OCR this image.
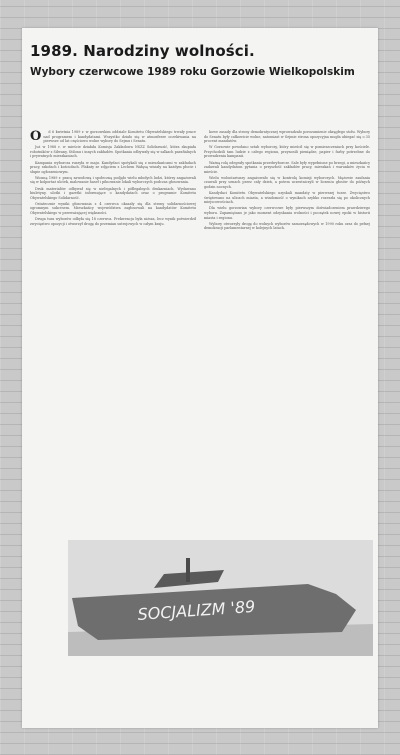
1989. Narodziny wolności.
Wybory czerwcowe 1989 roku Gorzowie Wielkopolskim
O	d 6 kwietnia 1989 r. w gorzowskim oddziale Komitetu Obywatelskiego trwały prace nad programem i kandydatami. Wszystko działo się w atmosferze oczekiwania na pierwsze od lat częściowo wolne wybory do Sejmu i Senatu.

Już w 1988 r. w mieście działała Komisja Zakładowa NSZZ Solidarność, która skupiała robotników z Silwany, Stilonu i innych zakładów. Spotkania odbywały się w salkach parafialnych i prywatnych mieszkaniach.

Kampania wyborcza ruszyła w maju. Kandydaci spotykali się z mieszkańcami w zakładach pracy, szkołach i kościołach. Plakaty ze zdjęciem z Lechem Wałęsą wisiały na każdym płocie i słupie ogłoszeniowym.

Wiosną 1989 r. pracę zawodową i społeczną podjęło wielu młodych ludzi, którzy angażowali się w kolportaż ulotek, malowanie haseł i pilnowanie lokali wyborczych podczas głosowania.

Druk materiałów odbywał się w nielegalnych i półlegalnych drukarniach. Wydawano biuletyny, ulotki i gazetki informujące o kandydatach oraz o programie Komitetu Obywatelskiego Solidarność.

Ostatecznie wyniki głosowania z 4 czerwca okazały się dla strony solidarnościowej ogromnym sukcesem. Mieszkańcy województwa zagłosowali na kandydatów Komitetu Obywatelskiego w przeważającej większości.

Druga tura wyborów odbyła się 18 czerwca. Frekwencja była niższa, lecz wynik potwierdził zwycięstwo opozycji i otworzył drogę do przemian ustrojowych w całym kraju.

kowe zasady dla strony demokratycznej wprowadzało porozumienie okrągłego stołu. Wybory do Senatu były całkowicie wolne, natomiast w Sejmie strona opozycyjna mogła ubiegać się o 35 procent mandatów.

W Gorzowie powołano sztab wyborczy, który mieścił się w pomieszczeniach przy kościele. Przychodzili tam ludzie z całego regionu, przynosili pieniądze, papier i farby potrzebne do prowadzenia kampanii.

Ważną rolę odegrały spotkania przedwyborcze. Sale były wypełnione po brzegi, a mieszkańcy zadawali kandydatom pytania o przyszłość zakładów pracy, mieszkań i warunków życia w mieście.

Wielu wolontariuszy angażowało się w kontrolę komisji wyborczych. Mężowie zaufania czuwali przy urnach przez cały dzień, a potem uczestniczyli w liczeniu głosów do późnych godzin nocnych.

Kandydaci Komitetu Obywatelskiego uzyskali mandaty w pierwszej turze. Zwycięstwo świętowano na ulicach miasta, a wiadomość o wynikach szybko rozeszła się po okolicznych miejscowościach.

Dla wielu gorzowian wybory czerwcowe były pierwszym doświadczeniem prawdziwego wyboru. Zapamiętano je jako moment odzyskania wolności i początek nowej epoki w historii miasta i regionu.

Wybory otworzyły drogę do wolnych wyborów samorządowych w 1990 roku oraz do pełnej demokracji parlamentarnej w kolejnych latach.

SOCJALIZM '89
